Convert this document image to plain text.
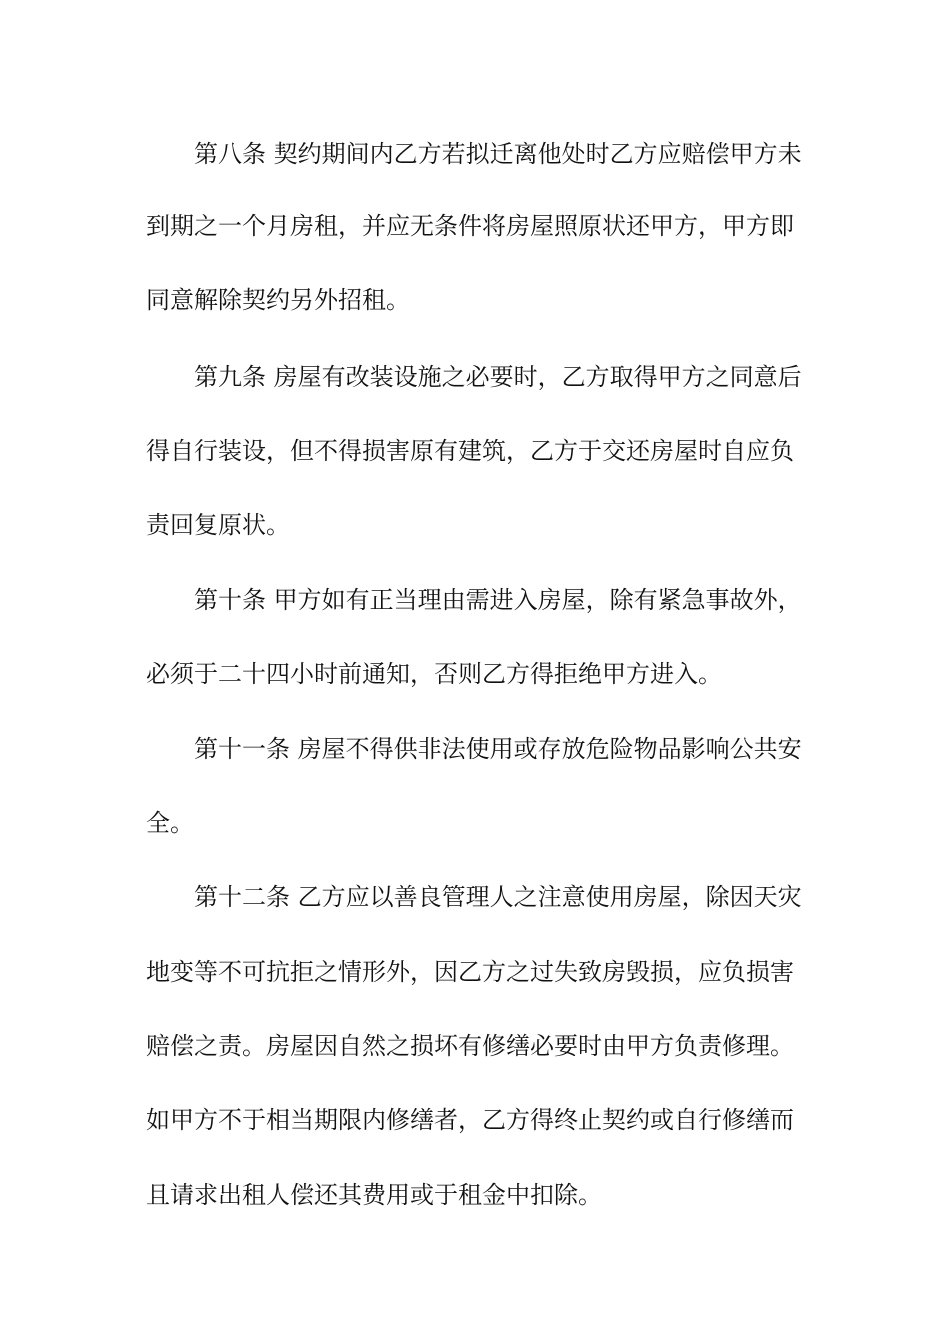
第八条 契约期间内乙方若拟迁离他处时乙方应赔偿甲方未
到期之一个月房租，并应无条件将房屋照原状还甲方，甲方即
同意解除契约另外招租。
第九条 房屋有改装设施之必要时，乙方取得甲方之同意后
得自行装设，但不得损害原有建筑，乙方于交还房屋时自应负
责回复原状。
第十条 甲方如有正当理由需进入房屋，除有紧急事故外，
必须于二十四小时前通知，否则乙方得拒绝甲方进入。
第十一条 房屋不得供非法使用或存放危险物品影响公共安
全。
第十二条 乙方应以善良管理人之注意使用房屋，除因天灾
地变等不可抗拒之情形外，因乙方之过失致房毁损，应负损害
赔偿之责。房屋因自然之损坏有修缮必要时由甲方负责修理。
如甲方不于相当期限内修缮者，乙方得终止契约或自行修缮而
且请求出租人偿还其费用或于租金中扣除。
